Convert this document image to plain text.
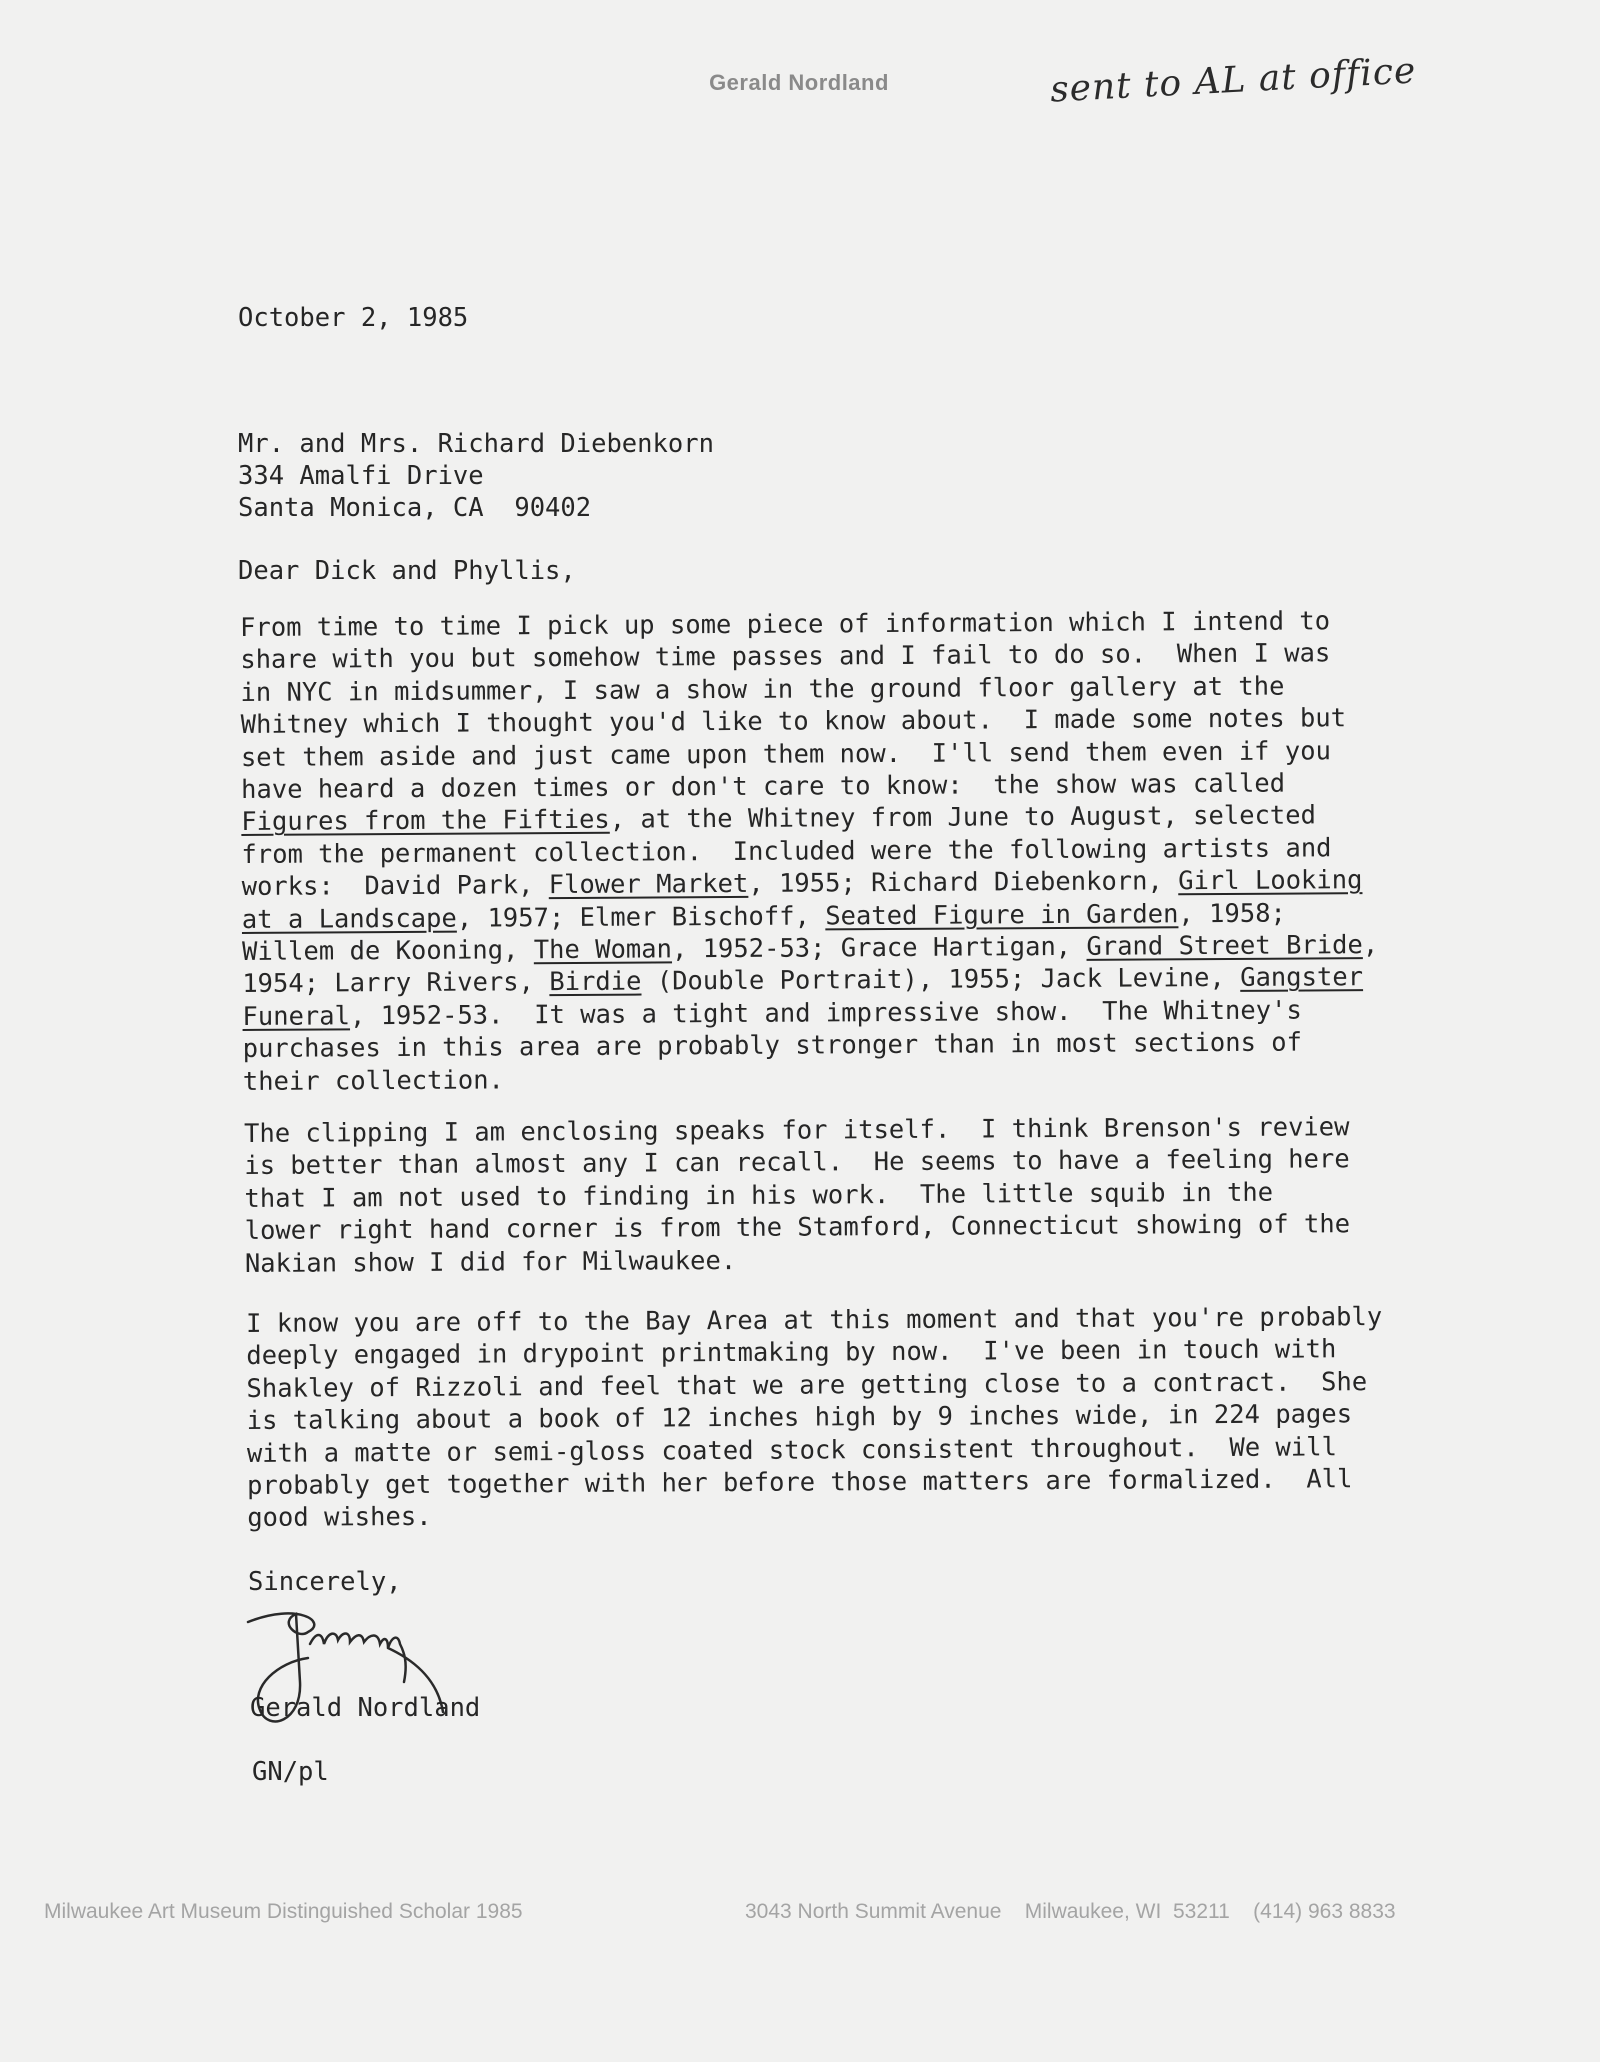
Gerald Nordland	sent to AL at office
October 2, 1985
Mr. and Mrs. Richard Diebenkorn
334 Amalfi Drive
Santa Monica, CA  90402
Dear Dick and Phyllis,

From time to time I pick up some piece of information which I intend to

share with you but somehow time passes and I fail to do so.  When I was

in NYC in midsummer, I saw a show in the ground floor gallery at the

Whitney which I thought you'd like to know about.  I made some notes but

set them aside and just came upon them now.  I'll send them even if you

have heard a dozen times or don't care to know:  the show was called

Figures from the Fifties, at the Whitney from June to August, selected

from the permanent collection.  Included were the following artists and

works:  David Park, Flower Market, 1955; Richard Diebenkorn, Girl Looking

at a Landscape, 1957; Elmer Bischoff, Seated Figure in Garden, 1958;

Willem de Kooning, The Woman, 1952-53; Grace Hartigan, Grand Street Bride,

1954; Larry Rivers, Birdie (Double Portrait), 1955; Jack Levine, Gangster

Funeral, 1952-53.  It was a tight and impressive show.  The Whitney's

purchases in this area are probably stronger than in most sections of

their collection.

The clipping I am enclosing speaks for itself.  I think Brenson's review

is better than almost any I can recall.  He seems to have a feeling here

that I am not used to finding in his work.  The little squib in the

lower right hand corner is from the Stamford, Connecticut showing of the

Nakian show I did for Milwaukee.

I know you are off to the Bay Area at this moment and that you're probably

deeply engaged in drypoint printmaking by now.  I've been in touch with

Shakley of Rizzoli and feel that we are getting close to a contract.  She

is talking about a book of 12 inches high by 9 inches wide, in 224 pages

with a matte or semi-gloss coated stock consistent throughout.  We will

probably get together with her before those matters are formalized.  All

good wishes.

Sincerely,
Gerald Nordland
GN/pl
Milwaukee Art Museum Distinguished Scholar 1985	3043 North Summit Avenue    Milwaukee, WI  53211    (414) 963 8833
